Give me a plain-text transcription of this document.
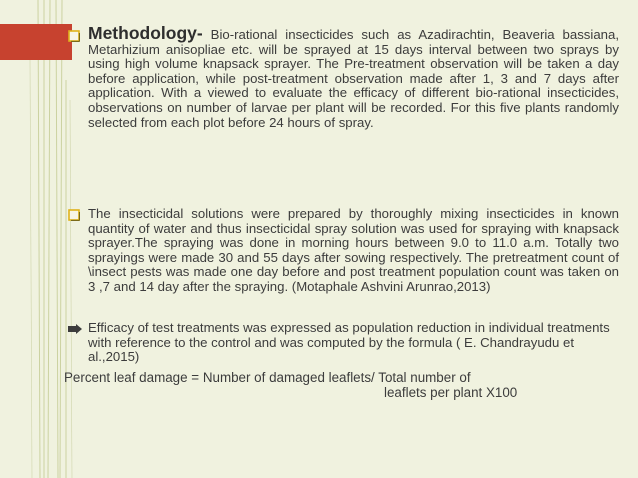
Methodology- Bio-rational insecticides such as Azadirachtin, Beaveria bassiana, Metarhizium anisopliae etc. will be sprayed at 15 days interval between two sprays by using high volume knapsack sprayer. The Pre-treatment observation will be taken a day before application, while post-treatment observation made after 1, 3 and 7 days after application. With a viewed to evaluate the efficacy of different bio-rational insecticides, observations on number of larvae per plant will be recorded. For this five plants randomly selected from each plot before 24 hours of spray.
The insecticidal solutions were prepared by thoroughly mixing insecticides in known quantity of water and thus insecticidal spray solution was used for spraying with knapsack sprayer.The spraying was done in morning hours between 9.0 to 11.0 a.m. Totally two sprayings were made 30 and 55 days after sowing respectively. The pretreatment count of \insect pests was made one day before and post treatment population count was taken on 3 ,7 and 14 day after the spraying. (Motaphale Ashvini Arunrao,2013)
Efficacy of test treatments was expressed as population reduction in individual treatments with reference to the control and was computed by the formula ( E. Chandrayudu et al.,2015)
Percent leaf damage = Number of damaged leaflets/ Total number of
leaflets per plant X100
